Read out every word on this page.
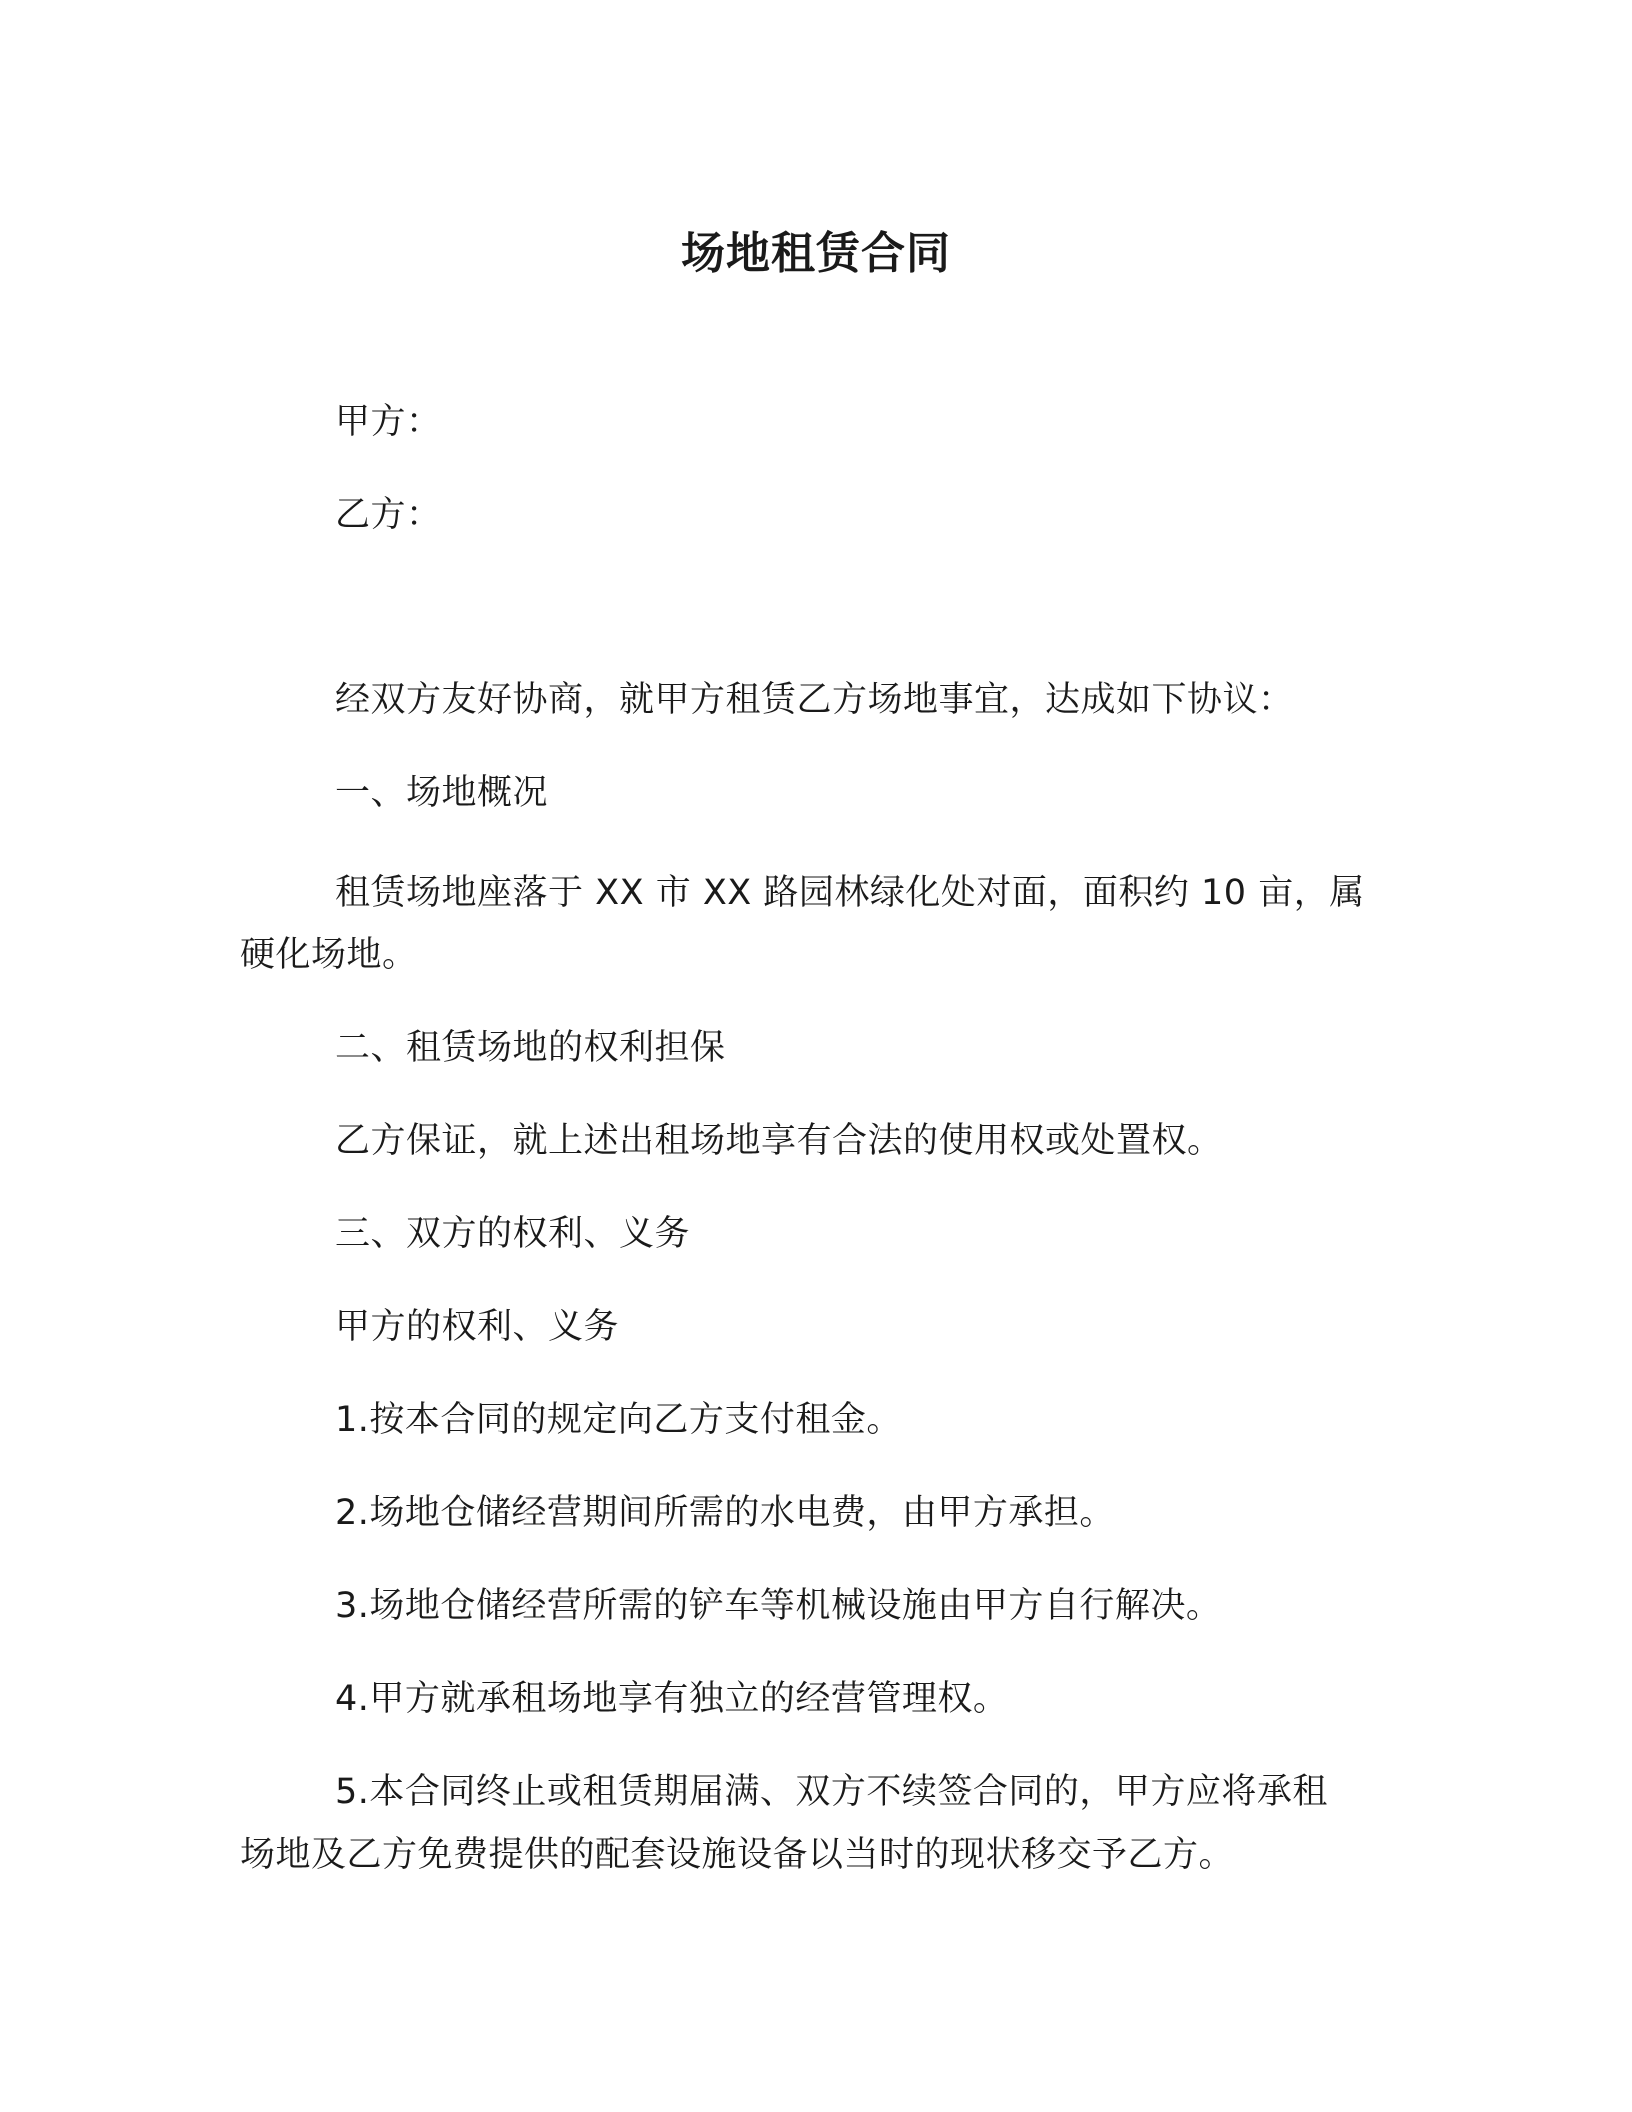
场地租赁合同
甲方：
乙方：
经双方友好协商，就甲方租赁乙方场地事宜，达成如下协议：
一、场地概况
租赁场地座落于 XX 市 XX 路园林绿化处对面，面积约 10 亩，属
硬化场地。
二、租赁场地的权利担保
乙方保证，就上述出租场地享有合法的使用权或处置权。
三、双方的权利、义务
甲方的权利、义务
1.按本合同的规定向乙方支付租金。
2.场地仓储经营期间所需的水电费，由甲方承担。
3.场地仓储经营所需的铲车等机械设施由甲方自行解决。
4.甲方就承租场地享有独立的经营管理权。
5.本合同终止或租赁期届满、双方不续签合同的，甲方应将承租
场地及乙方免费提供的配套设施设备以当时的现状移交予乙方。
